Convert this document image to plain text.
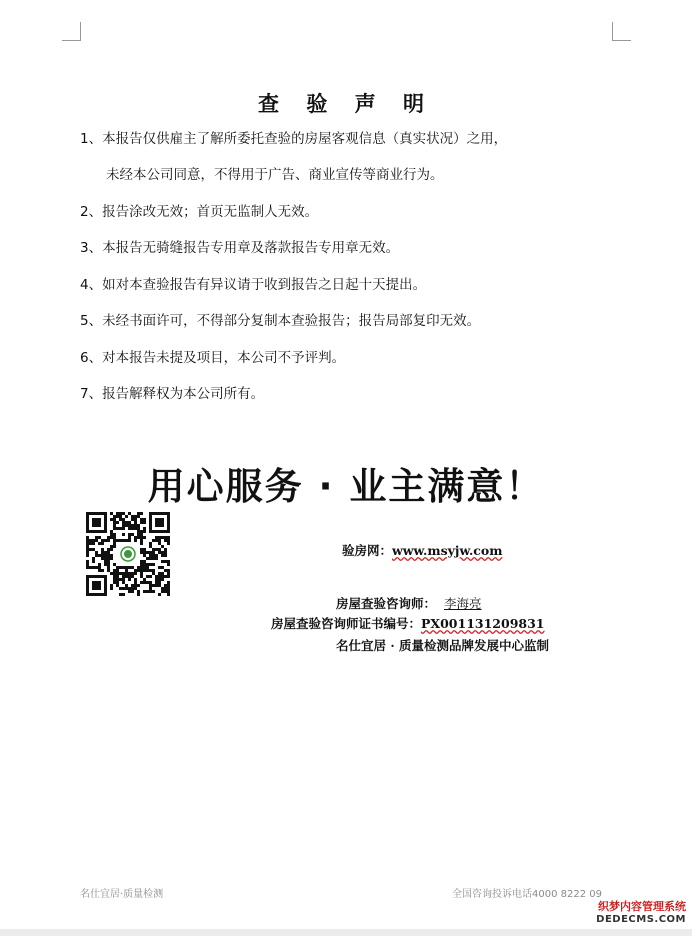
查 验 声 明
1、本报告仅供雇主了解所委托查验的房屋客观信息（真实状况）之用，
未经本公司同意，不得用于广告、商业宣传等商业行为。
2、报告涂改无效；首页无监制人无效。
3、本报告无骑缝报告专用章及落款报告专用章无效。
4、如对本查验报告有异议请于收到报告之日起十天提出。
5、未经书面许可，不得部分复制本查验报告；报告局部复印无效。
6、对本报告未提及项目，本公司不予评判。
7、报告解释权为本公司所有。
用心服务 · 业主满意！
验房网：www.msyjw.com
房屋查验咨询师： 李海亮
房屋查验咨询师证书编号：PX001131209831
名仕宜居 · 质量检测品牌发展中心监制
名仕宜居·质量检测	全国咨询投诉电话4000 8222 09
织梦内容管理系统
DEDECMS.COM
